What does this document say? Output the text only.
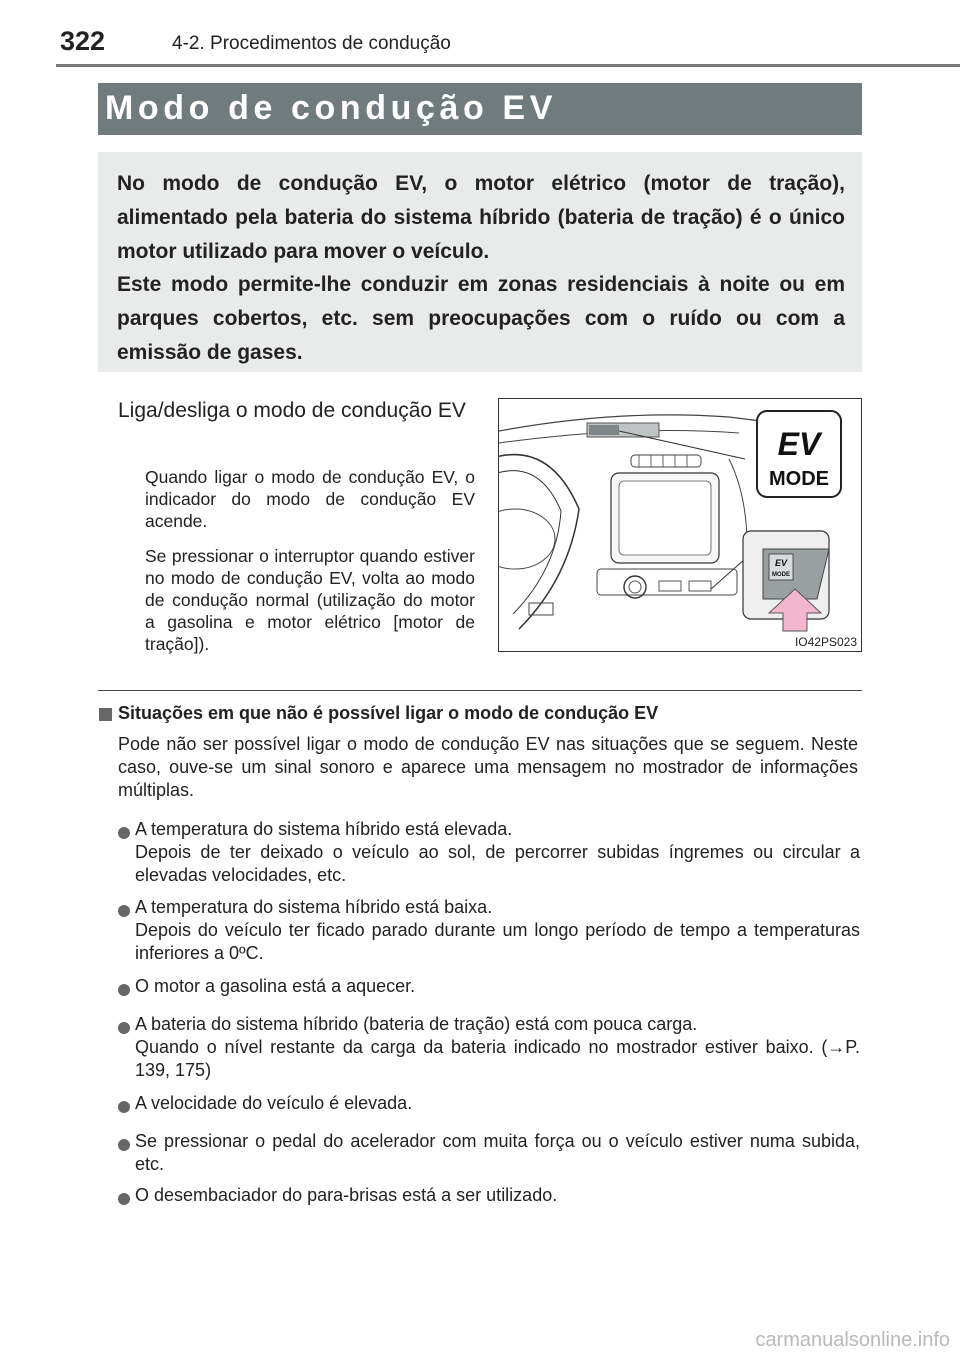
322	4-2. Procedimentos de condução
Modo de condução EV

No modo de condução EV, o motor elétrico (motor de tração), alimentado pela bateria do sistema híbrido (bateria de tração) é o único motor utilizado para mover o veículo.

Este modo permite-lhe conduzir em zonas residenciais à noite ou em parques cobertos, etc. sem preocupações com o ruído ou com a emissão de gases.

Liga/desliga o modo de condução EV

Quando ligar o modo de condução EV, o indicador do modo de condução EV acende.

Se pressionar o interruptor quando estiver no modo de condução EV, volta ao modo de condução normal (utilização do motor a gasolina e motor elétrico [motor de tração]).

EV
MODE
EV
MODE
IO42PS023
Situações em que não é possível ligar o modo de condução EV

Pode não ser possível ligar o modo de condução EV nas situações que se seguem. Neste caso, ouve-se um sinal sonoro e aparece uma mensagem no mostrador de informações múltiplas.

A temperatura do sistema híbrido está elevada.

Depois de ter deixado o veículo ao sol, de percorrer subidas íngremes ou circular a elevadas velocidades, etc.

A temperatura do sistema híbrido está baixa.

Depois do veículo ter ficado parado durante um longo período de tempo a temperaturas inferiores a 0ºC.

O motor a gasolina está a aquecer.

A bateria do sistema híbrido (bateria de tração) está com pouca carga.

Quando o nível restante da carga da bateria indicado no mostrador estiver baixo. (→P. 139, 175)

A velocidade do veículo é elevada.

Se pressionar o pedal do acelerador com muita força ou o veículo estiver numa subida, etc.

O desembaciador do para-brisas está a ser utilizado.

carmanualsonline.info
